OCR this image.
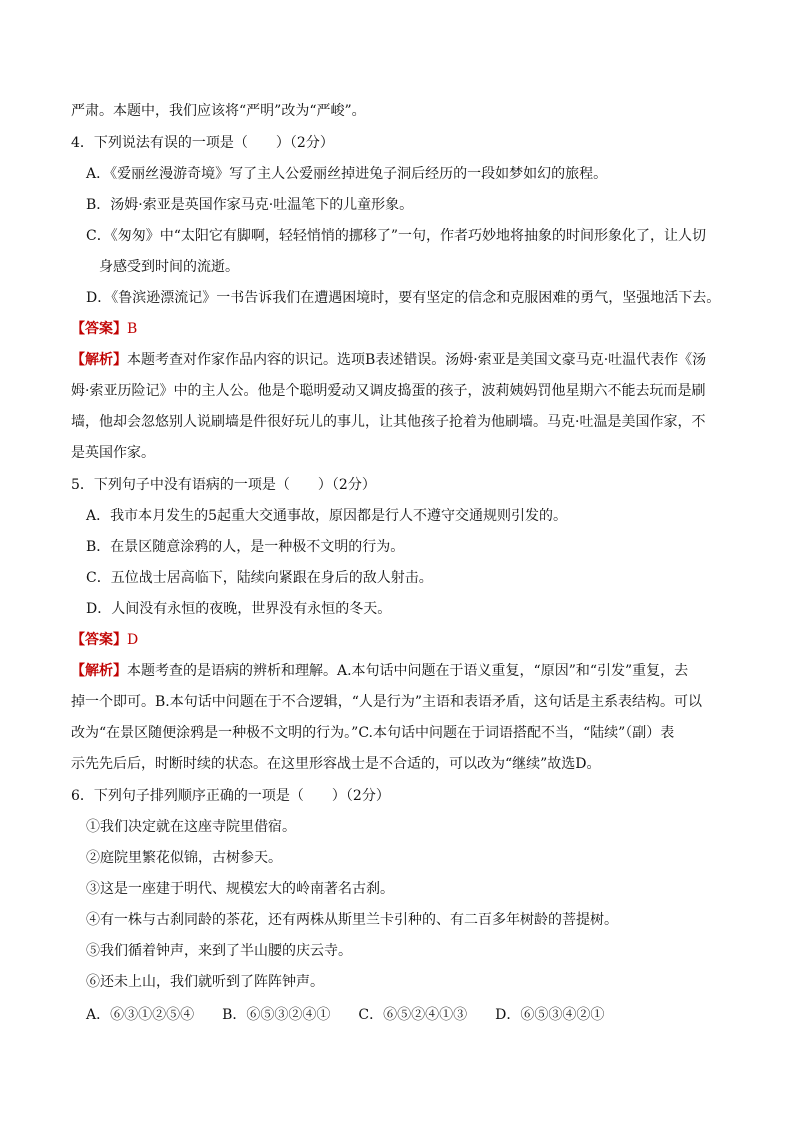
严肃。本题中，我们应该将“严明”改为“严峻”。
4．下列说法有误的一项是（　　）（2分）
A．《爱丽丝漫游奇境》写了主人公爱丽丝掉进兔子洞后经历的一段如梦如幻的旅程。
B．汤姆·索亚是英国作家马克·吐温笔下的儿童形象。
C．《匆匆》中“太阳它有脚啊，轻轻悄悄的挪移了”一句，作者巧妙地将抽象的时间形象化了，让人切
身感受到时间的流逝。
D．《鲁滨逊漂流记》一书告诉我们在遭遇困境时，要有坚定的信念和克服困难的勇气，坚强地活下去。
【答案】B
【解析】本题考查对作家作品内容的识记。选项B表述错误。汤姆·索亚是美国文豪马克·吐温代表作《汤
姆·索亚历险记》中的主人公。他是个聪明爱动又调皮捣蛋的孩子，波莉姨妈罚他星期六不能去玩而是刷
墙，他却会忽悠别人说刷墙是件很好玩儿的事儿，让其他孩子抢着为他刷墙。马克·吐温是美国作家，不
是英国作家。
5．下列句子中没有语病的一项是（　　）（2分）
A．我市本月发生的5起重大交通事故，原因都是行人不遵守交通规则引发的。
B．在景区随意涂鸦的人，是一种极不文明的行为。
C．五位战士居高临下，陆续向紧跟在身后的敌人射击。
D．人间没有永恒的夜晚，世界没有永恒的冬天。
【答案】D
【解析】本题考查的是语病的辨析和理解。A.本句话中问题在于语义重复，“原因”和“引发”重复，去
掉一个即可。B.本句话中问题在于不合逻辑，“人是行为”主语和表语矛盾，这句话是主系表结构。可以
改为“在景区随便涂鸦是一种极不文明的行为。”C.本句话中问题在于词语搭配不当，“陆续”（副）表
示先先后后，时断时续的状态。在这里形容战士是不合适的，可以改为“继续”故选D。
6．下列句子排列顺序正确的一项是（　　）（2分）
①我们决定就在这座寺院里借宿。
②庭院里繁花似锦，古树参天。
③这是一座建于明代、规模宏大的岭南著名古刹。
④有一株与古刹同龄的茶花，还有两株从斯里兰卡引种的、有二百多年树龄的菩提树。
⑤我们循着钟声，来到了半山腰的庆云寺。
⑥还未上山，我们就听到了阵阵钟声。
A．⑥③①②⑤④　　B．⑥⑤③②④①　　C．⑥⑤②④①③　　D．⑥⑤③④②①
